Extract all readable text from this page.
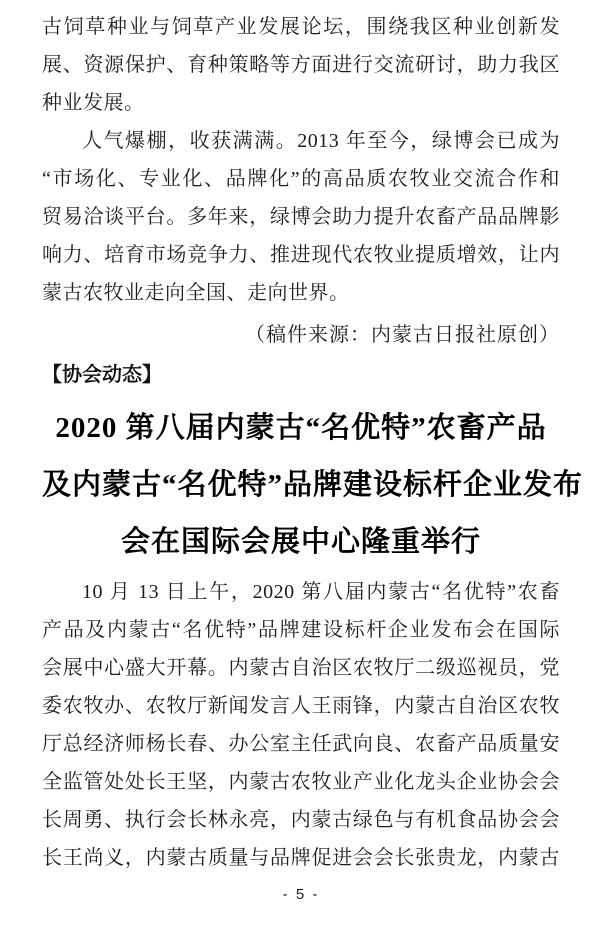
古饲草种业与饲草产业发展论坛，围绕我区种业创新发
展、资源保护、育种策略等方面进行交流研讨，助力我区
种业发展。
人气爆棚，收获满满。2013 年至今，绿博会已成为
“市场化、专业化、品牌化”的高品质农牧业交流合作和
贸易洽谈平台。多年来，绿博会助力提升农畜产品品牌影
响力、培育市场竞争力、推进现代农牧业提质增效，让内
蒙古农牧业走向全国、走向世界。
（稿件来源：内蒙古日报社原创）
【协会动态】
2020 第八届内蒙古“名优特”农畜产品
及内蒙古“名优特”品牌建设标杆企业发布
会在国际会展中心隆重举行
10 月 13 日上午，2020 第八届内蒙古“名优特”农畜
产品及内蒙古“名优特”品牌建设标杆企业发布会在国际
会展中心盛大开幕。内蒙古自治区农牧厅二级巡视员，党
委农牧办、农牧厅新闻发言人王雨锋，内蒙古自治区农牧
厅总经济师杨长春、办公室主任武向良、农畜产品质量安
全监管处处长王坚，内蒙古农牧业产业化龙头企业协会会
长周勇、执行会长林永亮，内蒙古绿色与有机食品协会会
长王尚义，内蒙古质量与品牌促进会会长张贵龙，内蒙古
- 5 -
